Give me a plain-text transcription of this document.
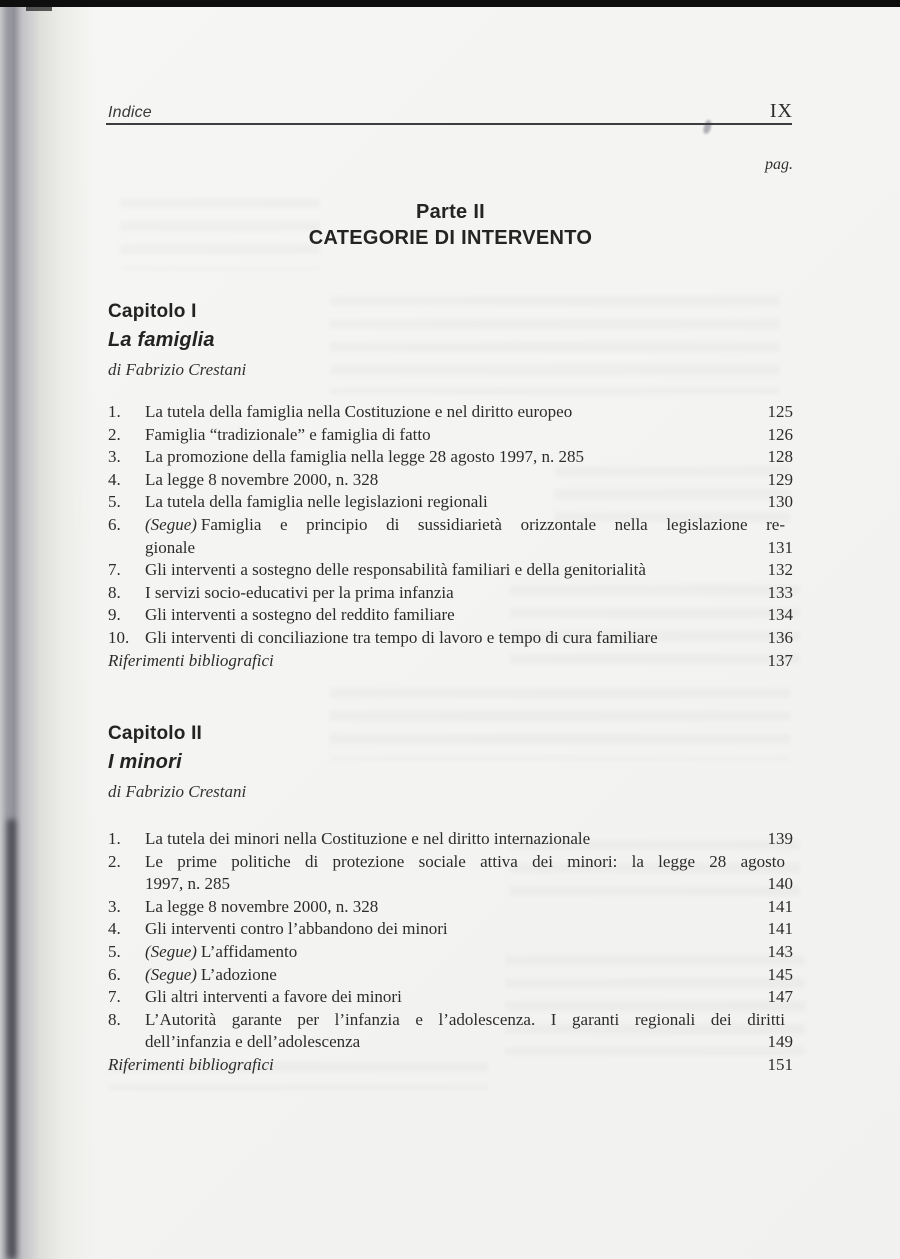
Indice	IX
pag.
Parte II
CATEGORIE DI INTERVENTO
Capitolo I
La famiglia
di Fabrizio Crestani
1.	La tutela della famiglia nella Costituzione e nel diritto europeo	125
2.	Famiglia “tradizionale” e famiglia di fatto	126
3.	La promozione della famiglia nella legge 28 agosto 1997, n. 285	128
4.	La legge 8 novembre 2000, n. 328	129
5.	La tutela della famiglia nelle legislazioni regionali	130
6.	(Segue) Famiglia e principio di sussidiarietà orizzontale nella legislazione re-
gionale	131
7.	Gli interventi a sostegno delle responsabilità familiari e della genitorialità	132
8.	I servizi socio-educativi per la prima infanzia	133
9.	Gli interventi a sostegno del reddito familiare	134
10. Gli interventi di conciliazione tra tempo di lavoro e tempo di cura familiare	136
Riferimenti bibliografici	137
Capitolo II
I minori
di Fabrizio Crestani
1.	La tutela dei minori nella Costituzione e nel diritto internazionale	139
2.	Le prime politiche di protezione sociale attiva dei minori: la legge 28 agosto
1997, n. 285	140
3.	La legge 8 novembre 2000, n. 328	141
4.	Gli interventi contro l’abbandono dei minori	141
5.	(Segue) L’affidamento	143
6.	(Segue) L’adozione	145
7.	Gli altri interventi a favore dei minori	147
8.	L’Autorità garante per l’infanzia e l’adolescenza. I garanti regionali dei diritti
dell’infanzia e dell’adolescenza	149
Riferimenti bibliografici	151
